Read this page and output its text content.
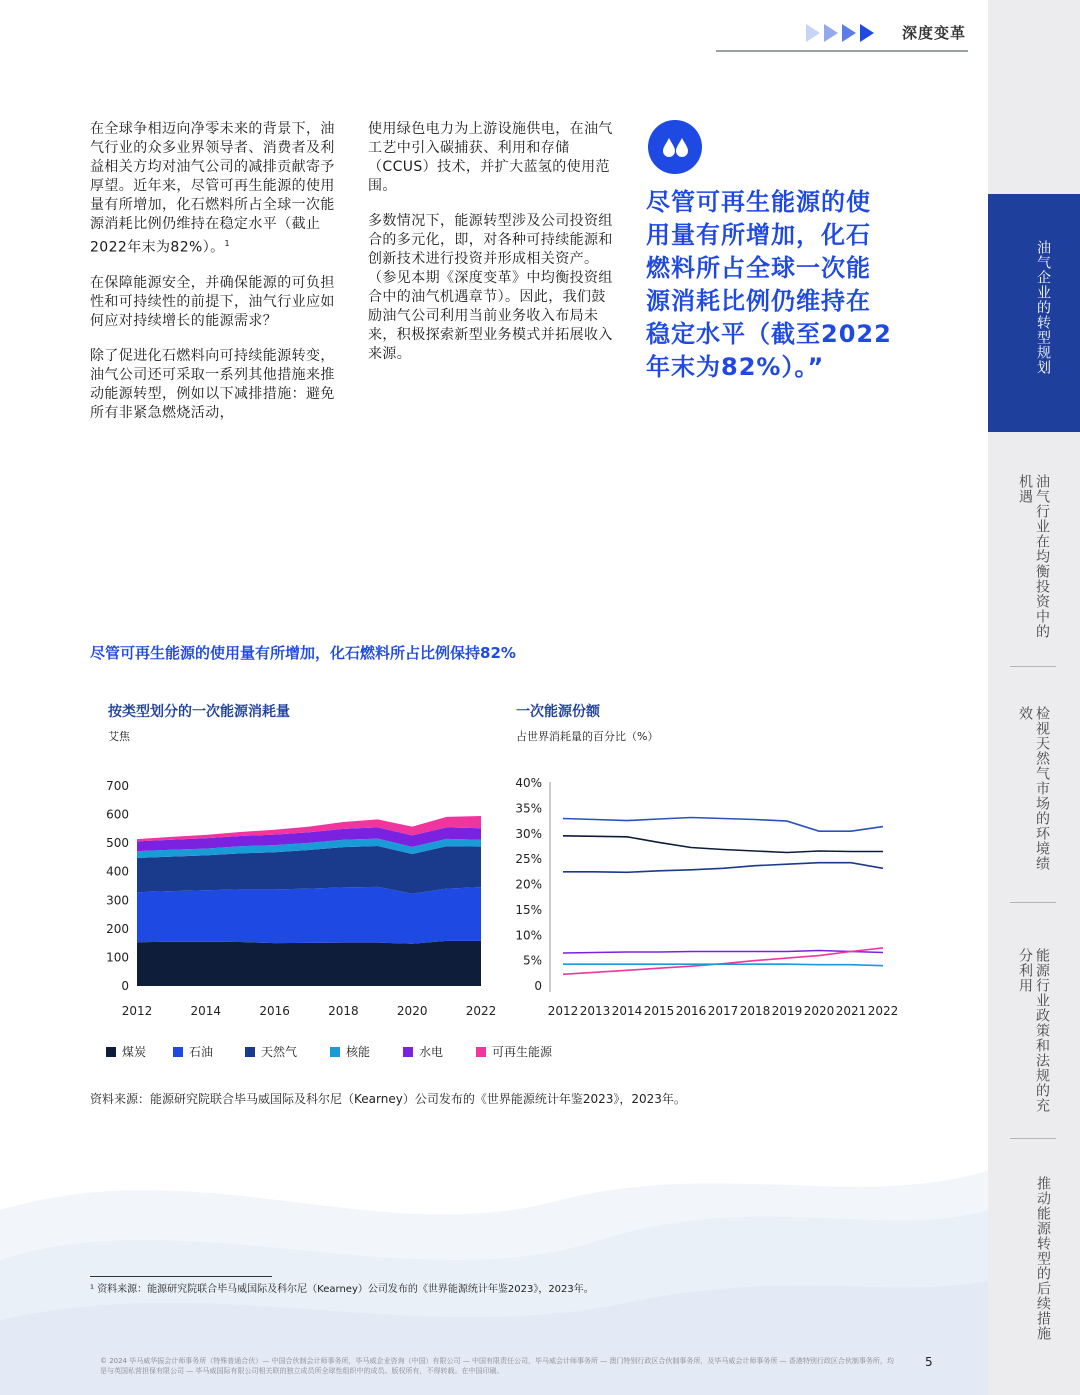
深度变革

在全球争相迈向净零未来的背景下，油气行业的众多业界领导者、消费者及利益相关方均对油气公司的减排贡献寄予厚望。近年来，尽管可再生能源的使用量有所增加，化石燃料所占全球一次能源消耗比例仍维持在稳定水平（截止2022年末为82%）。$^1$

在保障能源安全，并确保能源的可负担性和可持续性的前提下，油气行业应如何应对持续增长的能源需求？

除了促进化石燃料向可持续能源转变，油气公司还可采取一系列其他措施来推动能源转型，例如以下减排措施：避免所有非紧急燃烧活动，

使用绿色电力为上游设施供电，在油气工艺中引入碳捕获、利用和存储（CCUS）技术，并扩大蓝氢的使用范围。

多数情况下，能源转型涉及公司投资组合的多元化，即，对各种可持续能源和创新技术进行投资并形成相关资产。（参见本期《深度变革》中均衡投资组合中的油气机遇章节）。因此，我们鼓励油气公司利用当前业务收入布局未来，积极探索新型业务模式并拓展收入来源。

尽管可再生能源的使用量有所增加，化石燃料所占全球一次能源消耗比例仍维持在稳定水平（截至2022年末为82%）。”	油气企业的转型规划
油气行业在均衡投资中的机遇
检视天然气市场的环境绩效
能源行业政策和法规的充分利用
推动能源转型的后续措施
尽管可再生能源的使用量有所增加，化石燃料所占比例保持82%
按类型划分的一次能源消耗量
艾焦
0
100
200
300
400
500
600
700
2012	2014	2016	2018	2020	2022
一次能源份额
占世界消耗量的百分比（%）
0
5%
10%
15%
20%
25%
30%
35%
40%
2012 2013 2014 2015 2016 2017 2018 2019 2020 2021 2022
煤炭	石油	天然气	核能	水电	可再生能源
资料来源：能源研究院联合毕马威国际及科尔尼（Kearney）公司发布的《世界能源统计年鉴2023》，2023年。
¹ 资料来源：能源研究院联合毕马威国际及科尔尼（Kearney）公司发布的《世界能源统计年鉴2023》，2023年。
© 2024 毕马威华振会计师事务所（特殊普通合伙）— 中国合伙制会计师事务所，毕马威企业咨询（中国）有限公司 — 中国有限责任公司，毕马威会计师事务所 — 澳门特别行政区合伙制事务所，及毕马威会计师事务所 — 香港特别行政区合伙制事务所，均是与英国私营担保有限公司 — 毕马威国际有限公司相关联的独立成员所全球性组织中的成员。版权所有，不得转载。在中国印刷。
5
